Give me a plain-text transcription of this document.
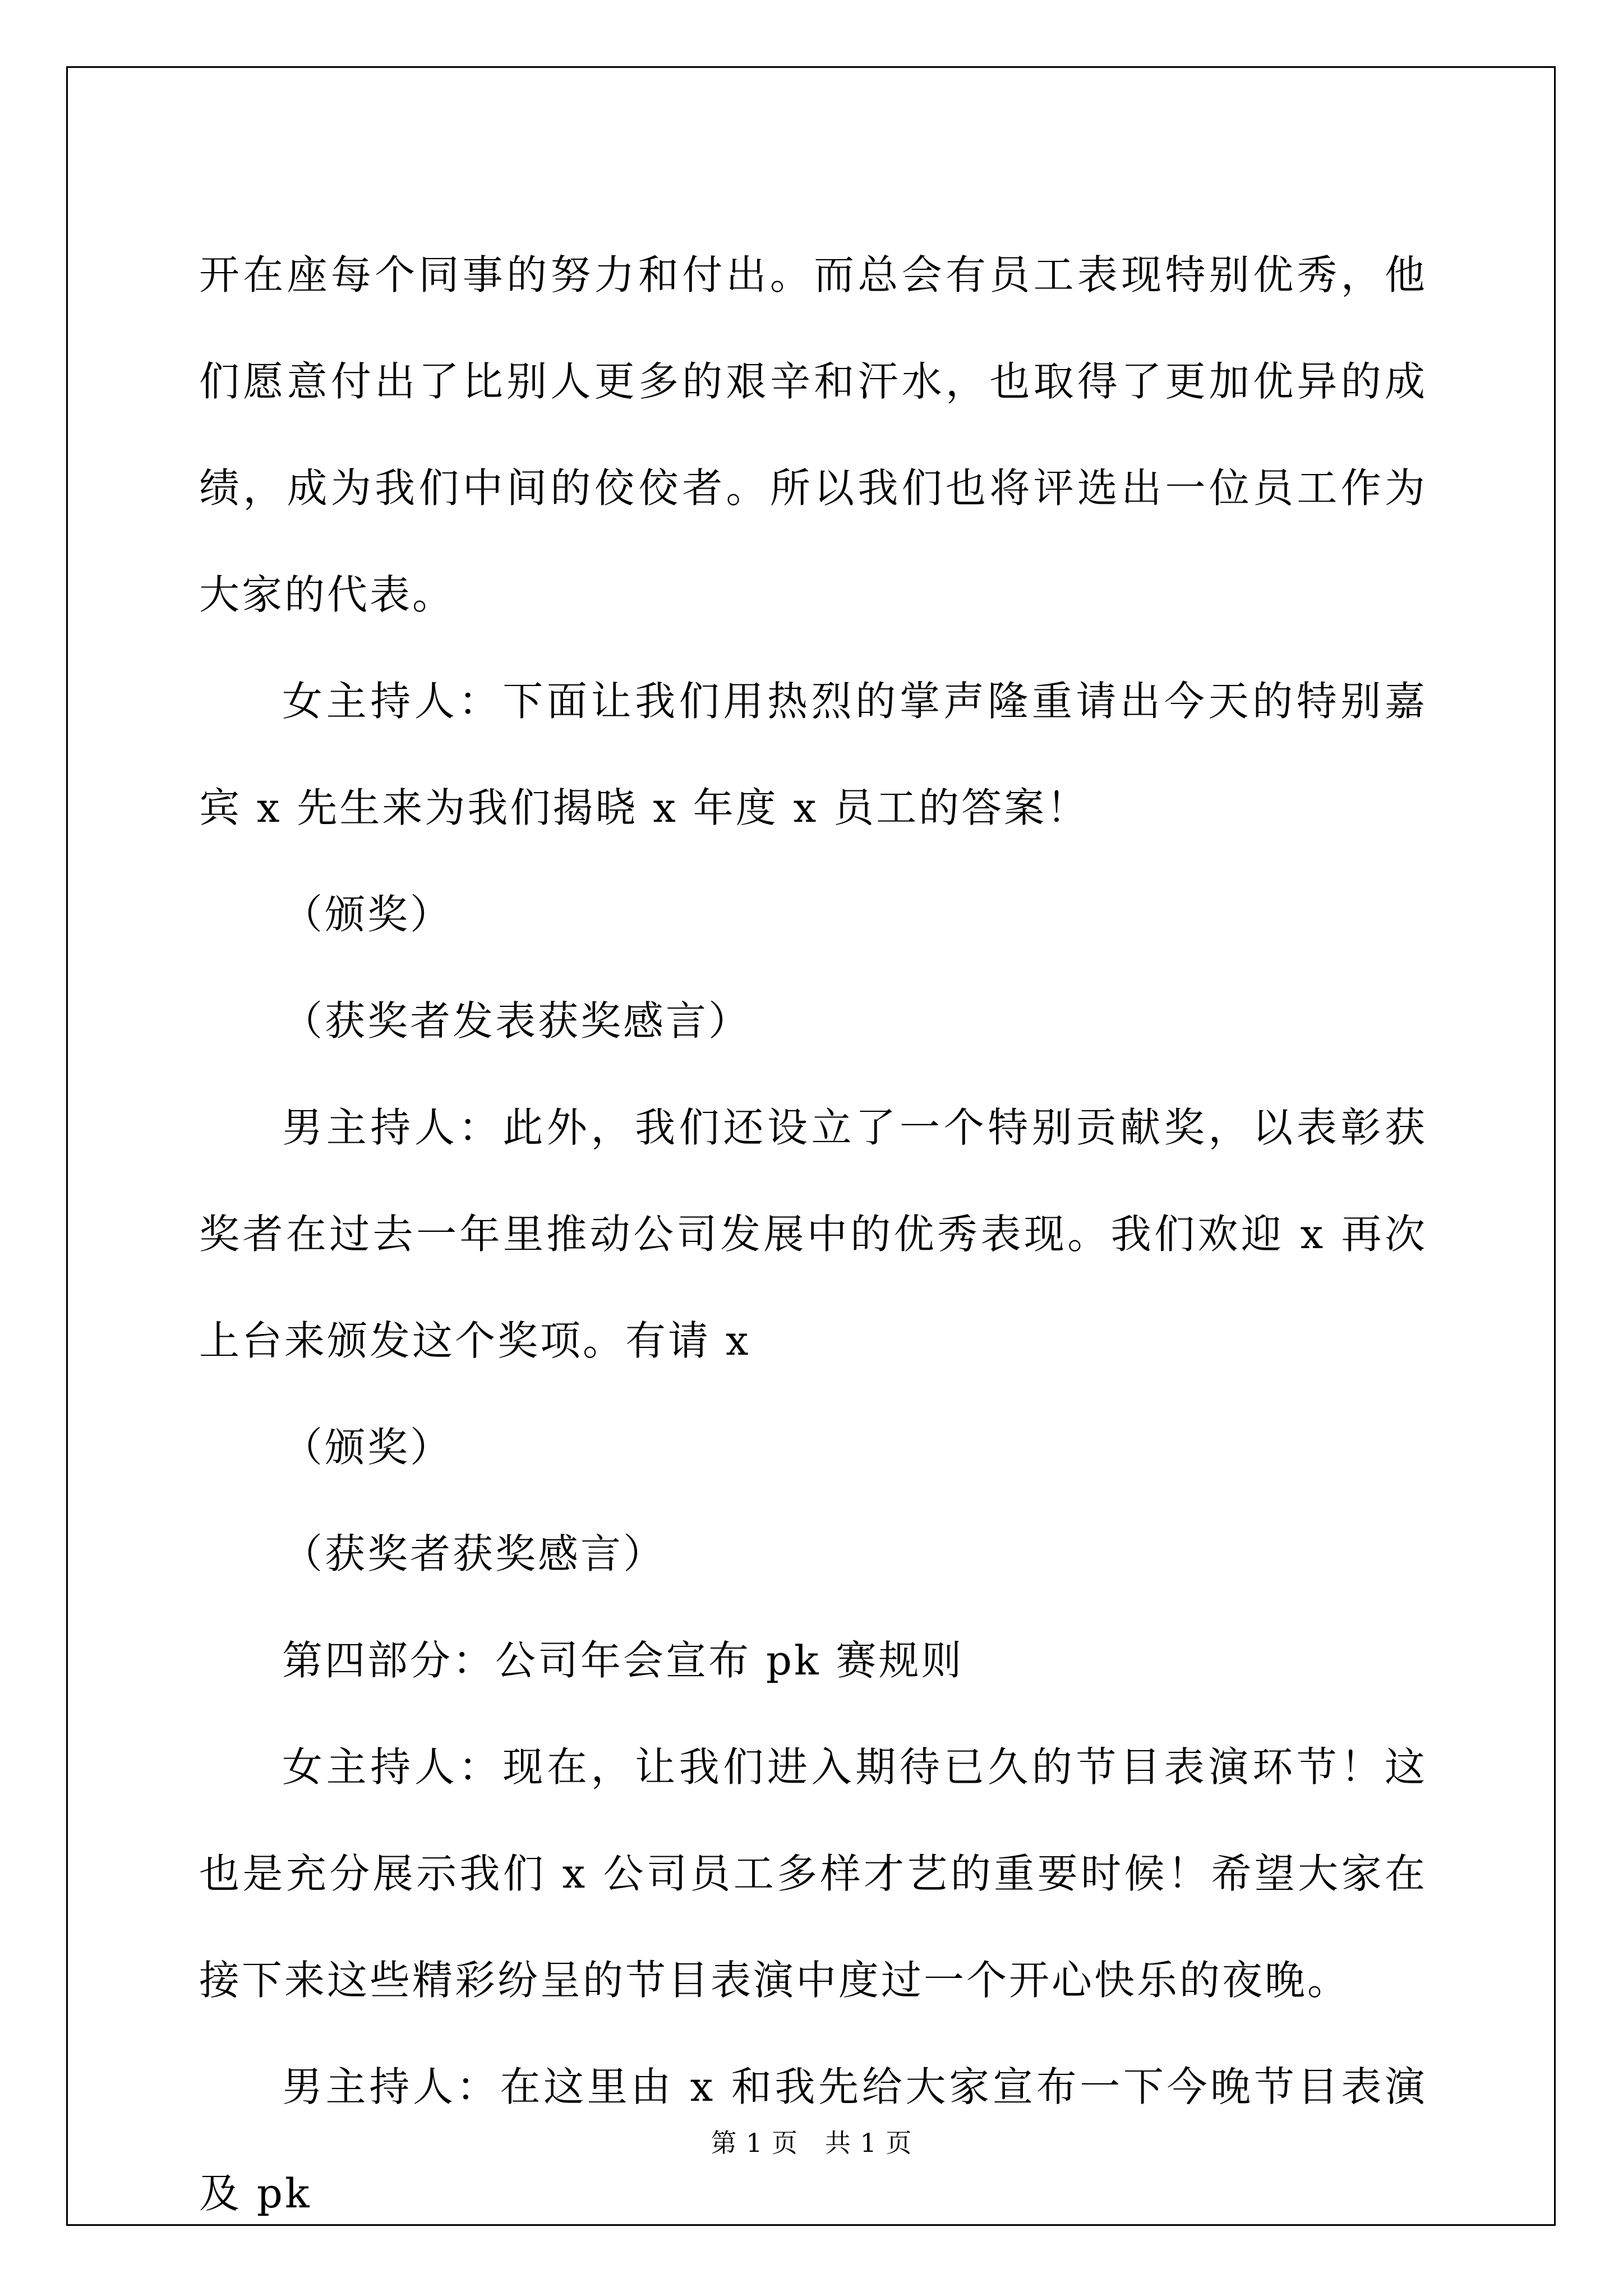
开在座每个同事的努力和付出。而总会有员工表现特别优秀，他们愿意付出了比别人更多的艰辛和汗水，也取得了更加优异的成绩，成为我们中间的佼佼者。所以我们也将评选出一位员工作为大家的代表。

女主持人：下面让我们用热烈的掌声隆重请出今天的特别嘉宾 x 先生来为我们揭晓 x 年度 x 员工的答案！

（颁奖）

（获奖者发表获奖感言）

男主持人：此外，我们还设立了一个特别贡献奖，以表彰获奖者在过去一年里推动公司发展中的优秀表现。我们欢迎 x 再次上台来颁发这个奖项。有请 x

（颁奖）

（获奖者获奖感言）

第四部分：公司年会宣布 pk 赛规则

女主持人：现在，让我们进入期待已久的节目表演环节！这也是充分展示我们 x 公司员工多样才艺的重要时候！希望大家在接下来这些精彩纷呈的节目表演中度过一个开心快乐的夜晚。

男主持人：在这里由 x 和我先给大家宣布一下今晚节目表演及 pk

第 1 页 共 1 页
